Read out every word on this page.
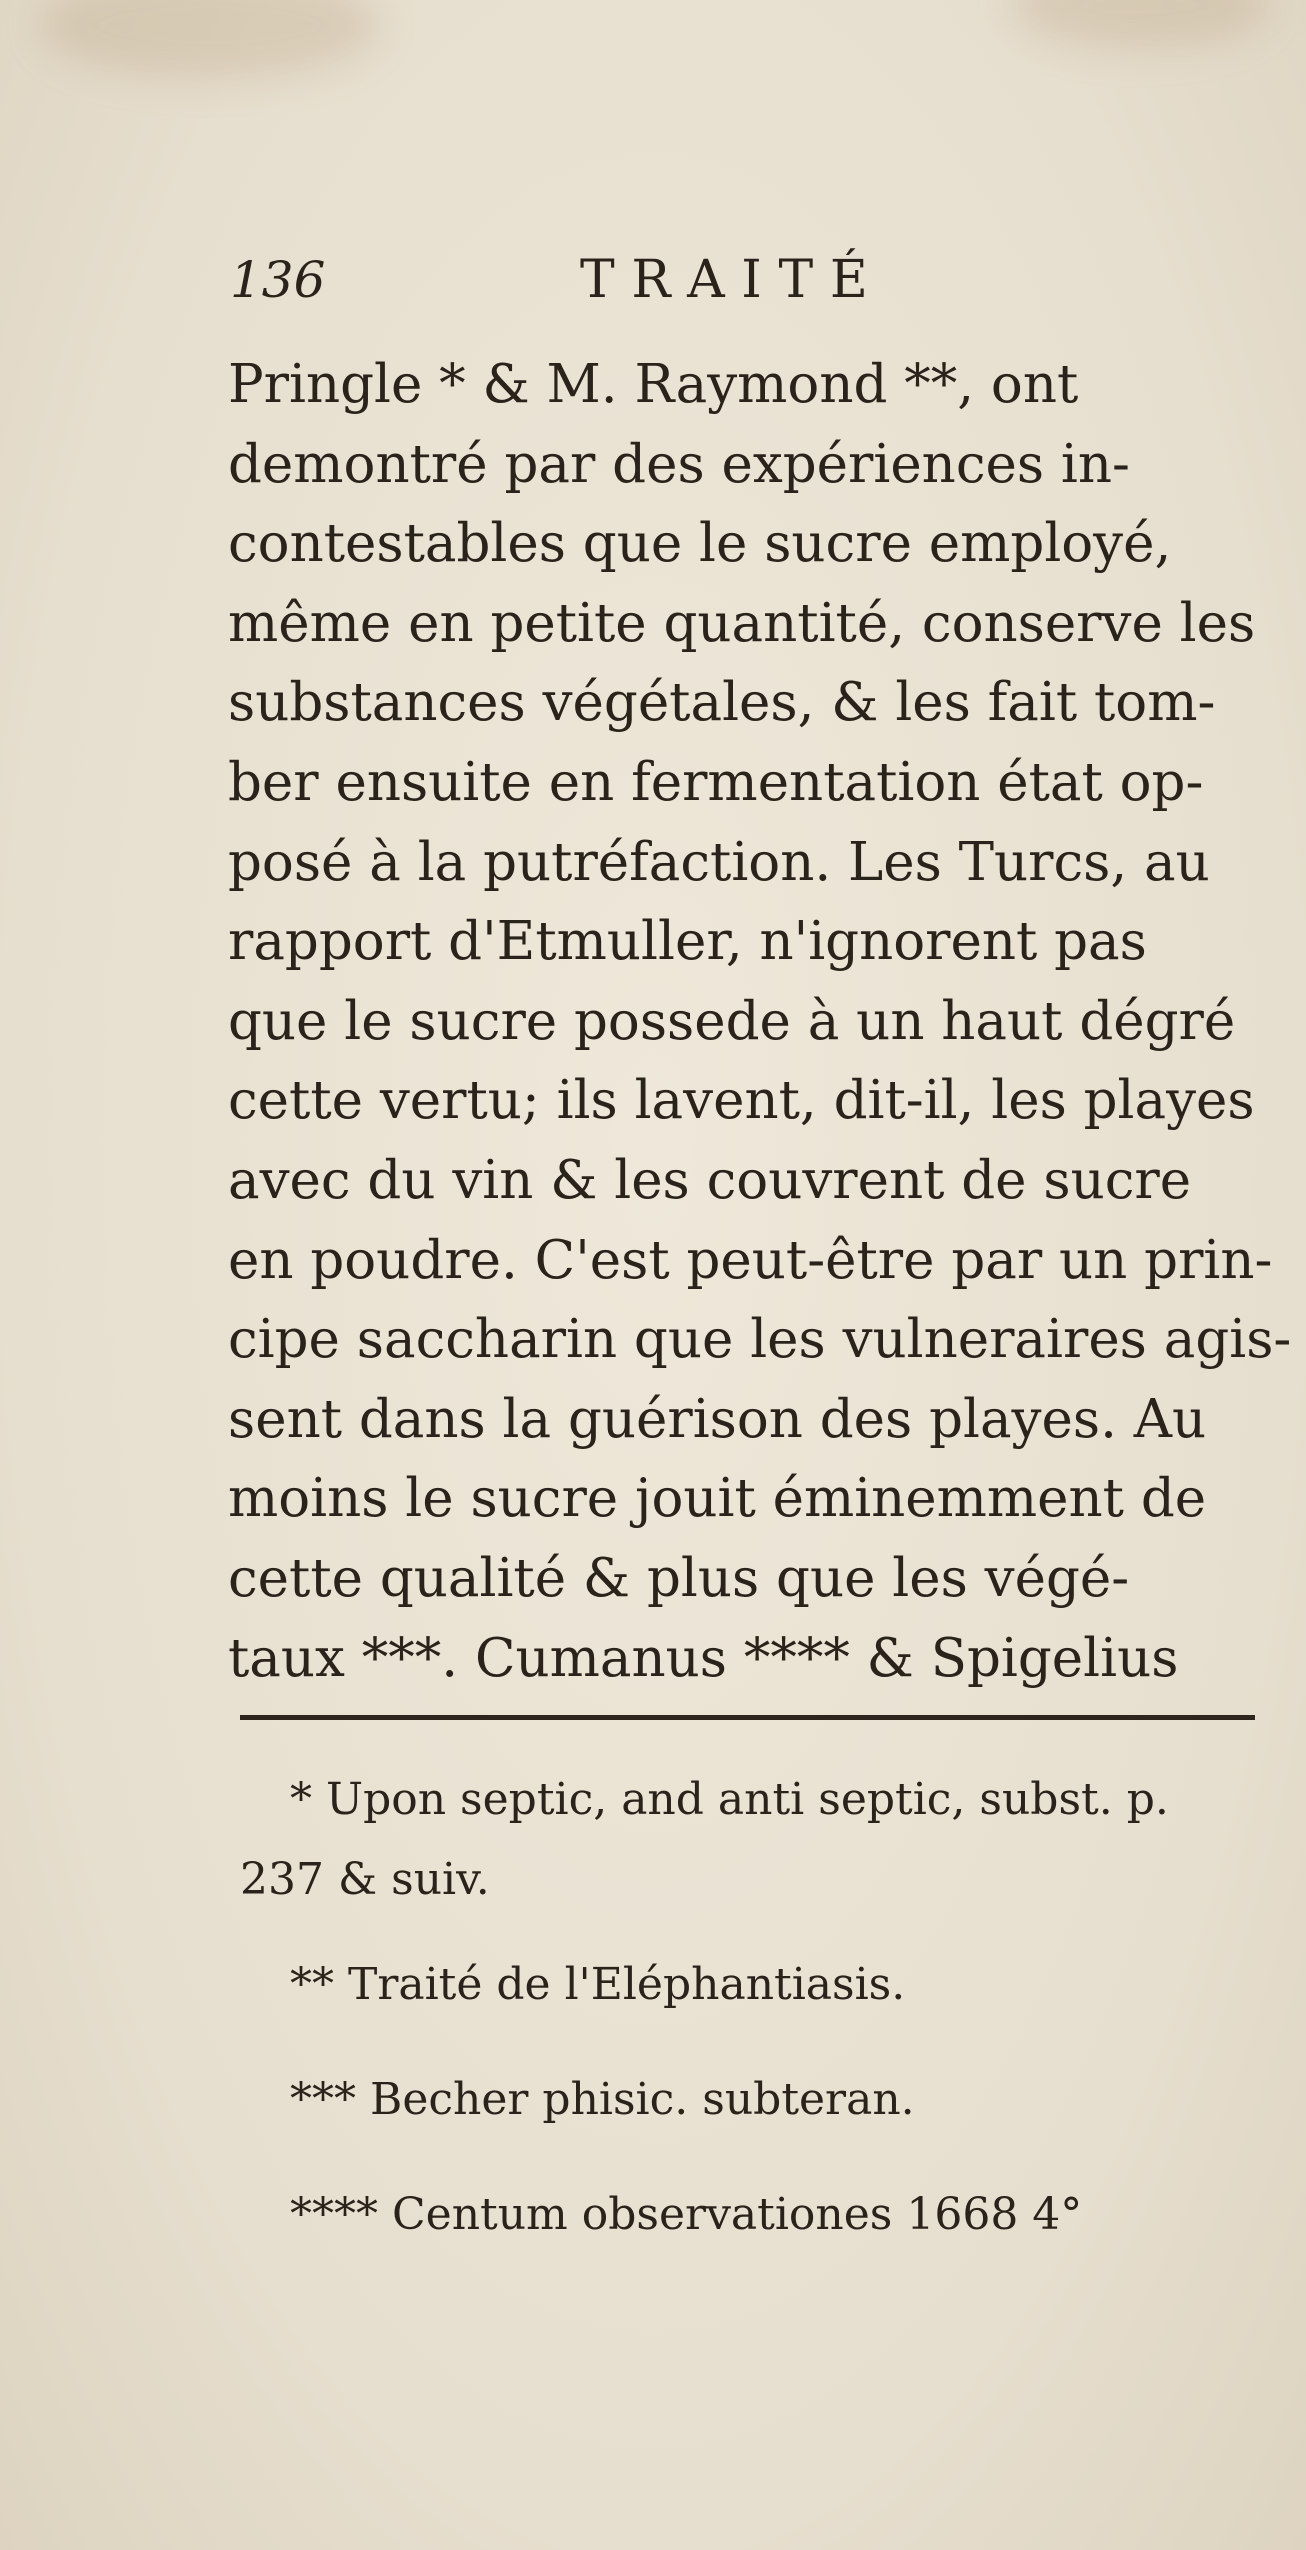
136	TRAITÉ
Pringle * & M. Raymond **, ont
demontré par des expériences in-
contestables que le sucre employé,
même en petite quantité, conserve les
substances végétales, & les fait tom-
ber ensuite en fermentation état op-
posé à la putréfaction. Les Turcs, au
rapport d'Etmuller, n'ignorent pas
que le sucre possede à un haut dégré
cette vertu; ils lavent, dit-il, les playes
avec du vin & les couvrent de sucre
en poudre. C'est peut-être par un prin-
cipe saccharin que les vulneraires agis-
sent dans la guérison des playes. Au
moins le sucre jouit éminemment de
cette qualité & plus que les végé-
taux ***. Cumanus **** & Spigelius
* Upon septic, and anti septic, subst. p.
237 & suiv.
** Traité de l'Eléphantiasis.
*** Becher phisic. subteran.
**** Centum observationes 1668 4°
